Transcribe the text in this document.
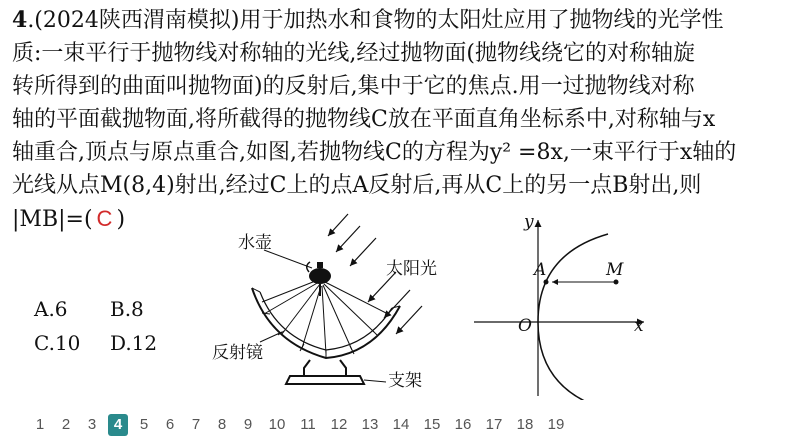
4.(2024陕西渭南模拟)用于加热水和食物的太阳灶应用了抛物线的光学性
质:一束平行于抛物线对称轴的光线,经过抛物面(抛物线绕它的对称轴旋
转所得到的曲面叫抛物面)的反射后,集中于它的焦点.用一过抛物线对称
轴的平面截抛物面,将所截得的抛物线C放在平面直角坐标系中,对称轴与x
轴重合,顶点与原点重合,如图,若抛物线C的方程为y² =8x,一束平行于x轴的
光线从点M(8,4)射出,经过C上的点A反射后,再从C上的另一点B射出,则
|MB|=( C )
A.6 B.8
C.10 D.12
水壶
太阳光
反射镜
支架
y
x
O
A	M
1	2	3	4	5	6	7	8	9	10 11 12 13 14 15 16 17 18 19
